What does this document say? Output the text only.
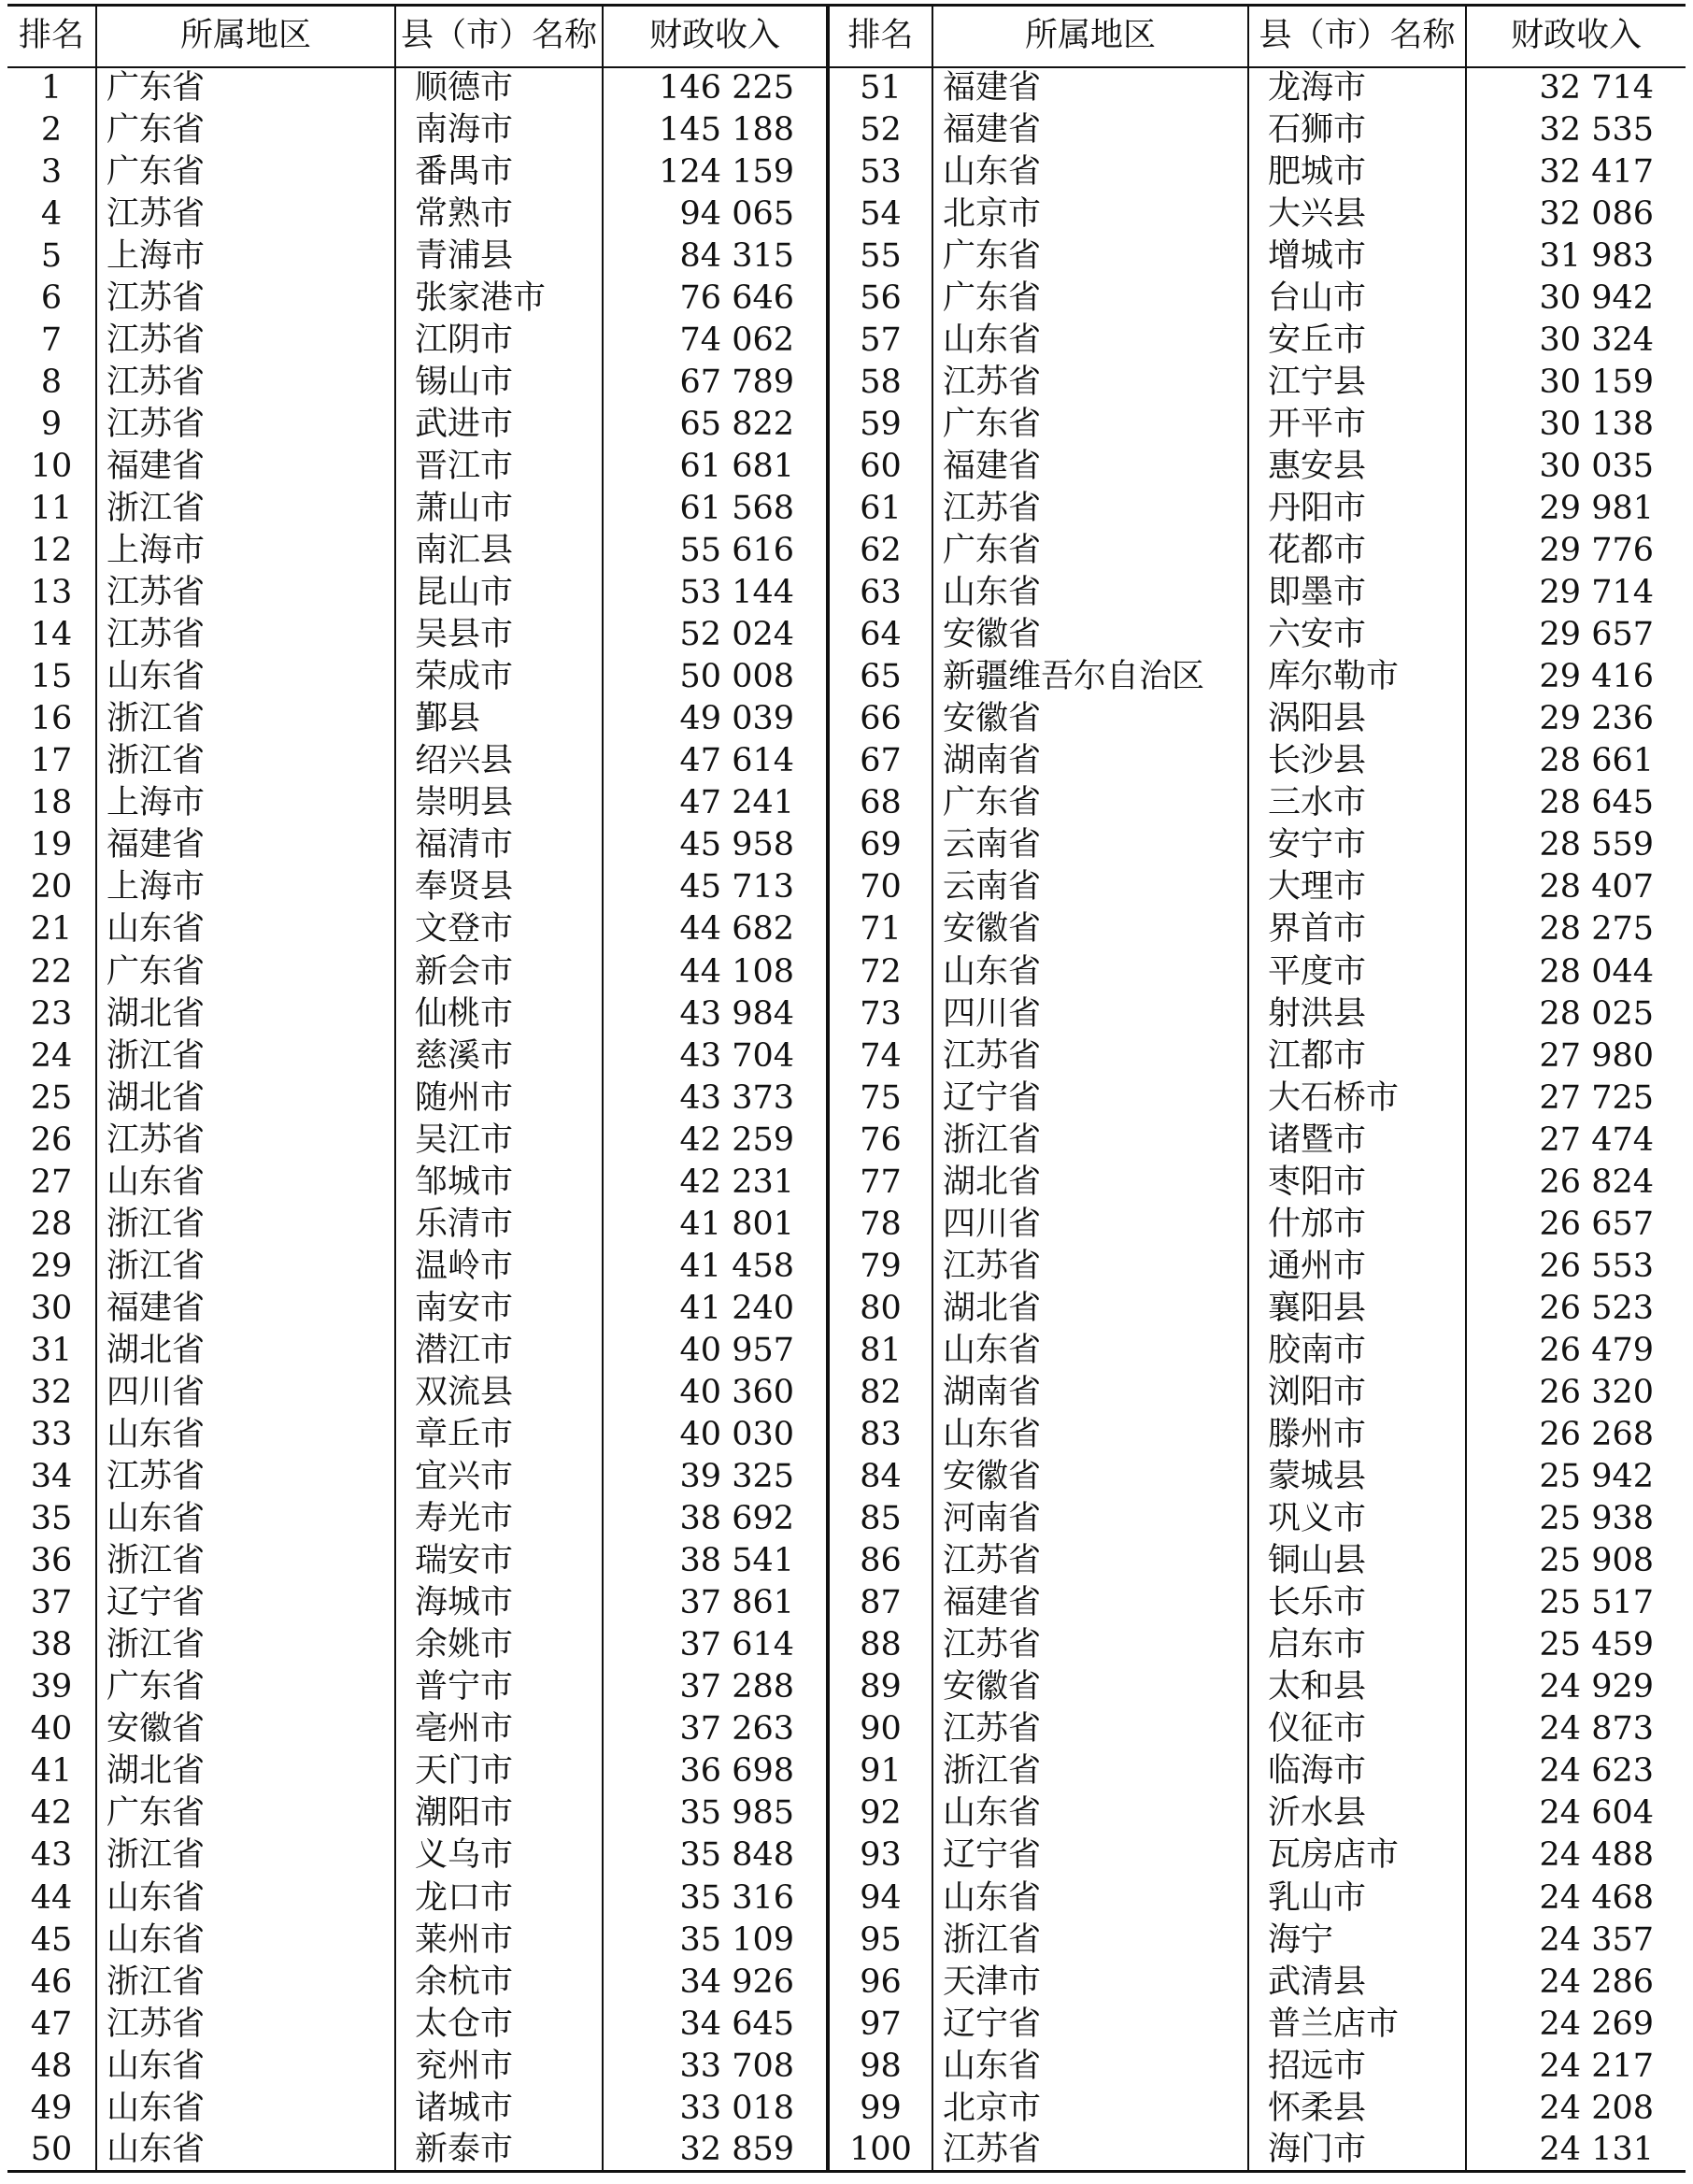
排名	所属地区	县（市）名称	财政收入	排名	所属地区	县（市）名称	财政收入
1	广东省	顺德市	146 225	51	福建省	龙海市	32 714
2	广东省	南海市	145 188	52	福建省	石狮市	32 535
3	广东省	番禺市	124 159	53	山东省	肥城市	32 417
4	江苏省	常熟市	94 065	54	北京市	大兴县	32 086
5	上海市	青浦县	84 315	55	广东省	增城市	31 983
6	江苏省	张家港市	76 646	56	广东省	台山市	30 942
7	江苏省	江阴市	74 062	57	山东省	安丘市	30 324
8	江苏省	锡山市	67 789	58	江苏省	江宁县	30 159
9	江苏省	武进市	65 822	59	广东省	开平市	30 138
10	福建省	晋江市	61 681	60	福建省	惠安县	30 035
11	浙江省	萧山市	61 568	61	江苏省	丹阳市	29 981
12	上海市	南汇县	55 616	62	广东省	花都市	29 776
13	江苏省	昆山市	53 144	63	山东省	即墨市	29 714
14	江苏省	吴县市	52 024	64	安徽省	六安市	29 657
15	山东省	荣成市	50 008	65	新疆维吾尔自治区	库尔勒市	29 416
16	浙江省	鄞县	49 039	66	安徽省	涡阳县	29 236
17	浙江省	绍兴县	47 614	67	湖南省	长沙县	28 661
18	上海市	崇明县	47 241	68	广东省	三水市	28 645
19	福建省	福清市	45 958	69	云南省	安宁市	28 559
20	上海市	奉贤县	45 713	70	云南省	大理市	28 407
21	山东省	文登市	44 682	71	安徽省	界首市	28 275
22	广东省	新会市	44 108	72	山东省	平度市	28 044
23	湖北省	仙桃市	43 984	73	四川省	射洪县	28 025
24	浙江省	慈溪市	43 704	74	江苏省	江都市	27 980
25	湖北省	随州市	43 373	75	辽宁省	大石桥市	27 725
26	江苏省	吴江市	42 259	76	浙江省	诸暨市	27 474
27	山东省	邹城市	42 231	77	湖北省	枣阳市	26 824
28	浙江省	乐清市	41 801	78	四川省	什邡市	26 657
29	浙江省	温岭市	41 458	79	江苏省	通州市	26 553
30	福建省	南安市	41 240	80	湖北省	襄阳县	26 523
31	湖北省	潜江市	40 957	81	山东省	胶南市	26 479
32	四川省	双流县	40 360	82	湖南省	浏阳市	26 320
33	山东省	章丘市	40 030	83	山东省	滕州市	26 268
34	江苏省	宜兴市	39 325	84	安徽省	蒙城县	25 942
35	山东省	寿光市	38 692	85	河南省	巩义市	25 938
36	浙江省	瑞安市	38 541	86	江苏省	铜山县	25 908
37	辽宁省	海城市	37 861	87	福建省	长乐市	25 517
38	浙江省	余姚市	37 614	88	江苏省	启东市	25 459
39	广东省	普宁市	37 288	89	安徽省	太和县	24 929
40	安徽省	亳州市	37 263	90	江苏省	仪征市	24 873
41	湖北省	天门市	36 698	91	浙江省	临海市	24 623
42	广东省	潮阳市	35 985	92	山东省	沂水县	24 604
43	浙江省	义乌市	35 848	93	辽宁省	瓦房店市	24 488
44	山东省	龙口市	35 316	94	山东省	乳山市	24 468
45	山东省	莱州市	35 109	95	浙江省	海宁	24 357
46	浙江省	余杭市	34 926	96	天津市	武清县	24 286
47	江苏省	太仓市	34 645	97	辽宁省	普兰店市	24 269
48	山东省	兖州市	33 708	98	山东省	招远市	24 217
49	山东省	诸城市	33 018	99	北京市	怀柔县	24 208
50	山东省	新泰市	32 859	100	江苏省	海门市	24 131
